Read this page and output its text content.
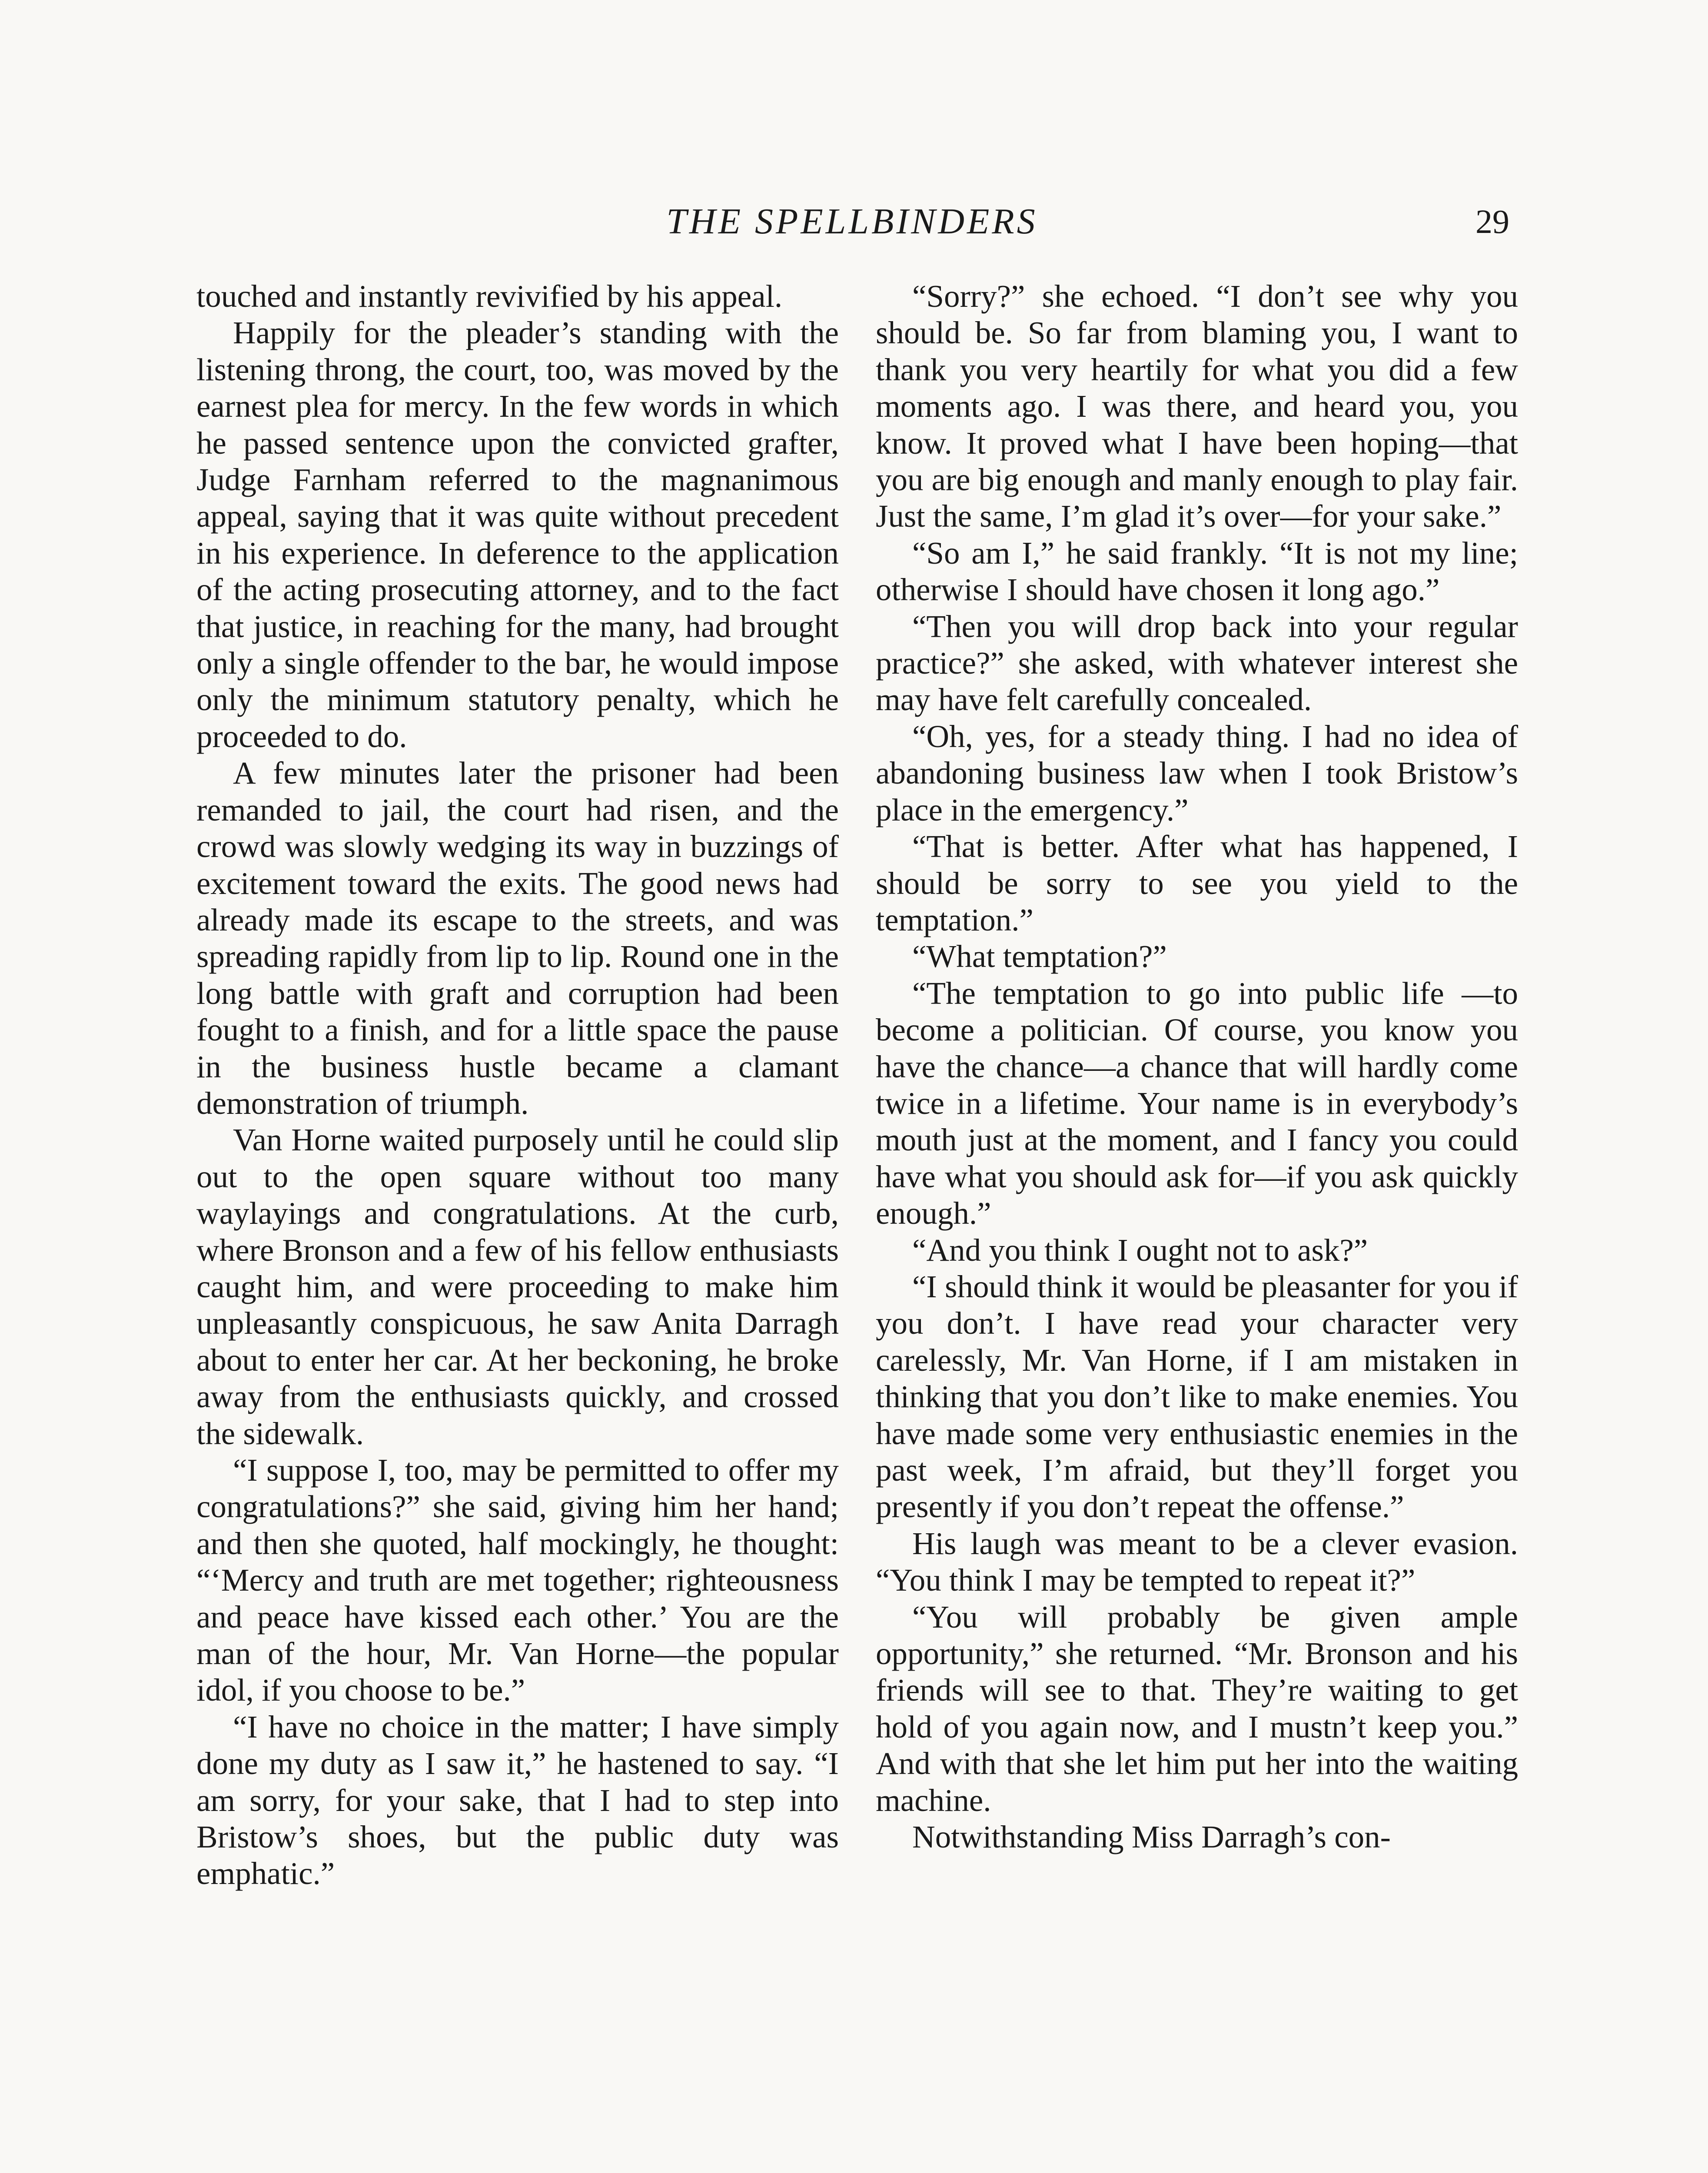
THE SPELLBINDERS	29

touched and instantly revivified by his appeal.

Happily for the pleader’s standing with the listening throng, the court, too, was moved by the earnest plea for mercy. In the few words in which he passed sentence upon the convicted grafter, Judge Farnham referred to the magnanimous appeal, saying that it was quite without precedent in his experience. In deference to the application of the acting prosecuting attorney, and to the fact that justice, in reaching for the many, had brought only a single offender to the bar, he would impose only the minimum statutory penalty, which he proceeded to do.

A few minutes later the prisoner had been remanded to jail, the court had risen, and the crowd was slowly wedging its way in buzzings of excitement toward the exits. The good news had already made its escape to the streets, and was spreading rapidly from lip to lip. Round one in the long battle with graft and corruption had been fought to a finish, and for a little space the pause in the business hustle became a clamant demonstration of triumph.

Van Horne waited purposely until he could slip out to the open square without too many waylayings and congratulations. At the curb, where Bronson and a few of his fellow enthusiasts caught him, and were proceeding to make him unpleasantly conspicuous, he saw Anita Darragh about to enter her car. At her beckoning, he broke away from the enthusiasts quickly, and crossed the sidewalk.

“I suppose I, too, may be permitted to offer my congratulations?” she said, giving him her hand; and then she quoted, half mockingly, he thought: “‘Mercy and truth are met together; righteousness and peace have kissed each other.’ You are the man of the hour, Mr. Van Horne—the popular idol, if you choose to be.”

“I have no choice in the matter; I have simply done my duty as I saw it,” he hastened to say. “I am sorry, for your sake, that I had to step into Bristow’s shoes, but the public duty was emphatic.”

“Sorry?” she echoed. “I don’t see why you should be. So far from blaming you, I want to thank you very heartily for what you did a few moments ago. I was there, and heard you, you know. It proved what I have been hoping—that you are big enough and manly enough to play fair. Just the same, I’m glad it’s over—for your sake.”

“So am I,” he said frankly. “It is not my line; otherwise I should have chosen it long ago.”

“Then you will drop back into your regular practice?” she asked, with whatever interest she may have felt carefully concealed.

“Oh, yes, for a steady thing. I had no idea of abandoning business law when I took Bristow’s place in the emergency.”

“That is better. After what has happened, I should be sorry to see you yield to the temptation.”

“What temptation?”

“The temptation to go into public life —to become a politician. Of course, you know you have the chance—a chance that will hardly come twice in a lifetime. Your name is in everybody’s mouth just at the moment, and I fancy you could have what you should ask for—if you ask quickly enough.”

“And you think I ought not to ask?”

“I should think it would be pleasanter for you if you don’t. I have read your character very carelessly, Mr. Van Horne, if I am mistaken in thinking that you don’t like to make enemies. You have made some very enthusiastic enemies in the past week, I’m afraid, but they’ll forget you presently if you don’t repeat the offense.”

His laugh was meant to be a clever evasion. “You think I may be tempted to repeat it?”

“You will probably be given ample opportunity,” she returned. “Mr. Bronson and his friends will see to that. They’re waiting to get hold of you again now, and I mustn’t keep you.” And with that she let him put her into the waiting machine.

Notwithstanding Miss Darragh’s con-
